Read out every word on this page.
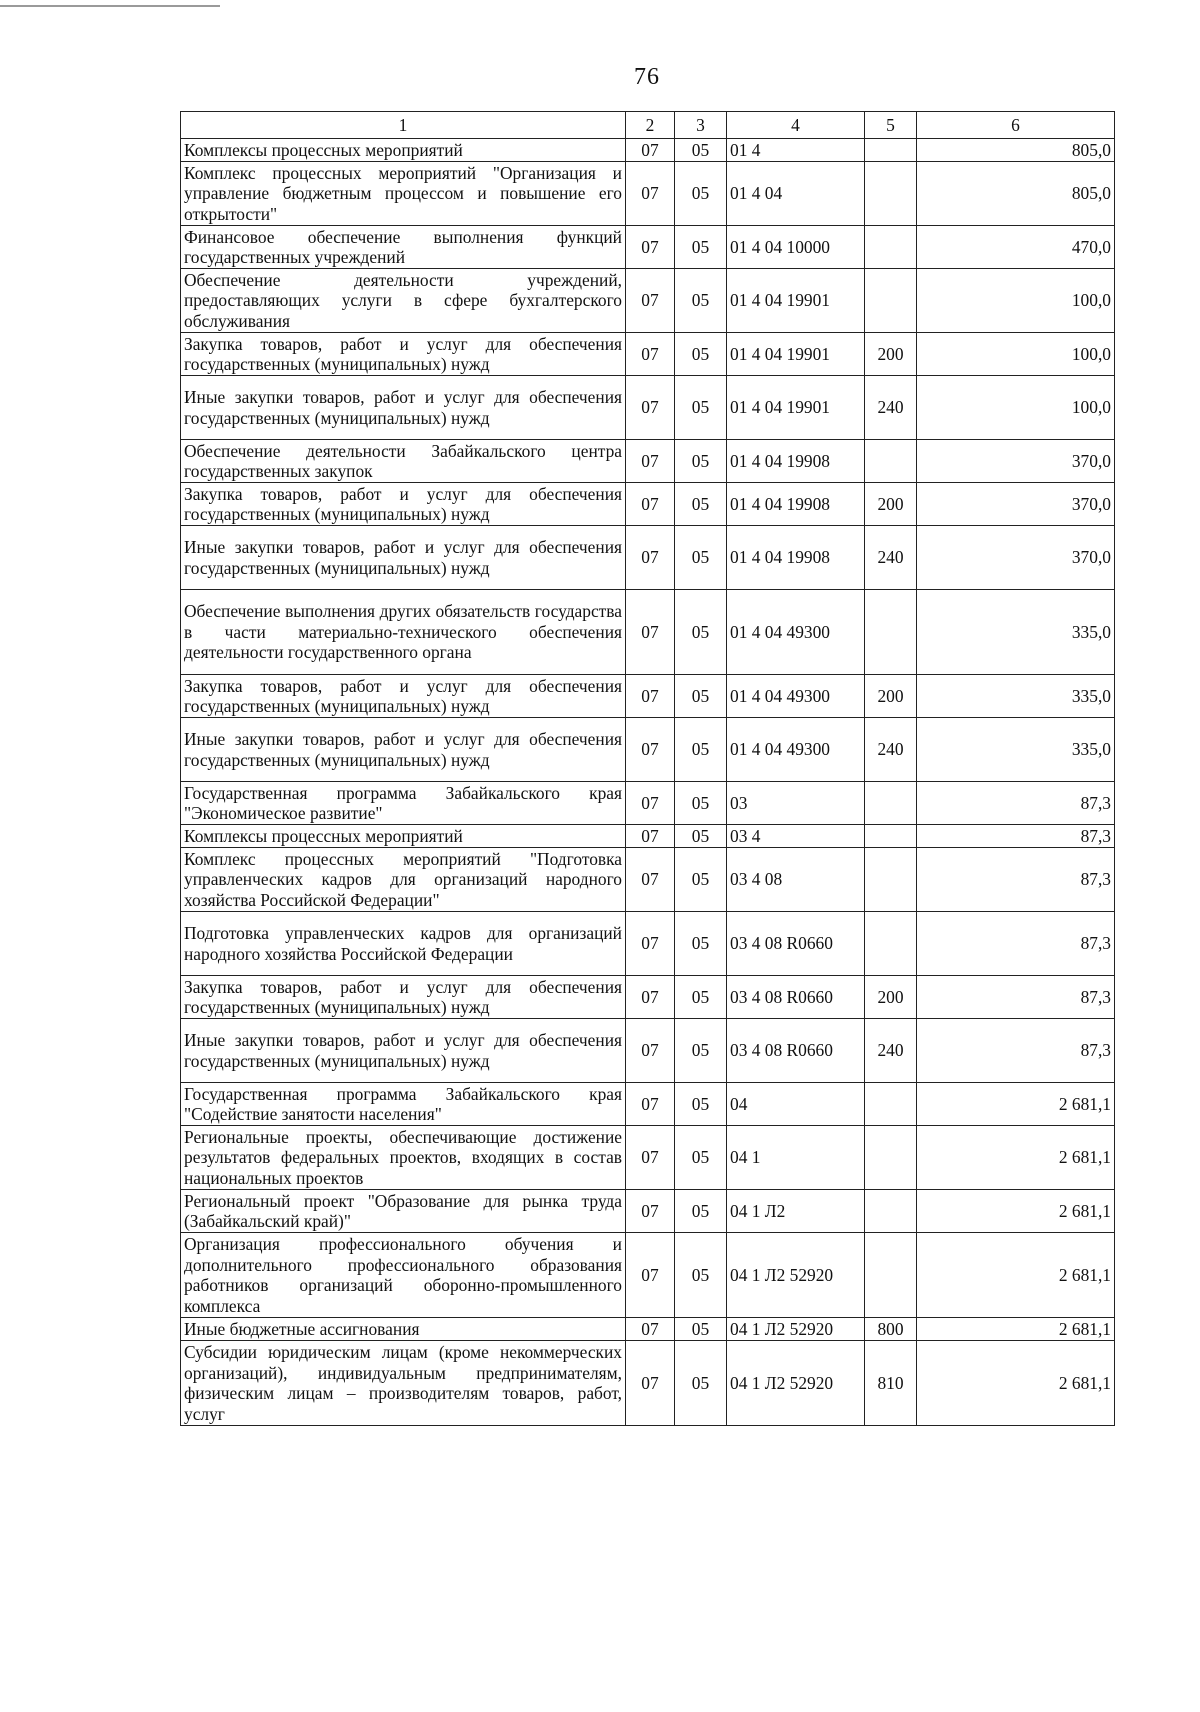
76
1	2	3	4	5	6
Комплексы процессных мероприятий	07	05	01 4		805,0
Комплекс процессных мероприятий "Организация и управление бюджетным процессом и повышение его открытости"	07	05	01 4 04		805,0
Финансовое обеспечение выполнения функций государственных учреждений	07	05	01 4 04 10000		470,0
Обеспечение деятельности учреждений, предоставляющих услуги в сфере бухгалтерского обслуживания	07	05	01 4 04 19901		100,0
Закупка товаров, работ и услуг для обеспечения государственных (муниципальных) нужд	07	05	01 4 04 19901	200	100,0
Иные закупки товаров, работ и услуг для обеспечения государственных (муниципальных) нужд	07	05	01 4 04 19901	240	100,0
Обеспечение деятельности Забайкальского центра государственных закупок	07	05	01 4 04 19908		370,0
Закупка товаров, работ и услуг для обеспечения государственных (муниципальных) нужд	07	05	01 4 04 19908	200	370,0
Иные закупки товаров, работ и услуг для обеспечения государственных (муниципальных) нужд	07	05	01 4 04 19908	240	370,0
Обеспечение выполнения других обязательств государства в части материально-технического обеспечения деятельности государственного органа	07	05	01 4 04 49300		335,0
Закупка товаров, работ и услуг для обеспечения государственных (муниципальных) нужд	07	05	01 4 04 49300	200	335,0
Иные закупки товаров, работ и услуг для обеспечения государственных (муниципальных) нужд	07	05	01 4 04 49300	240	335,0
Государственная программа Забайкальского края "Экономическое развитие"	07	05	03		87,3
Комплексы процессных мероприятий	07	05	03 4		87,3
Комплекс процессных мероприятий "Подготовка управленческих кадров для организаций народного хозяйства Российской Федерации"	07	05	03 4 08		87,3
Подготовка управленческих кадров для организаций народного хозяйства Российской Федерации	07	05	03 4 08 R0660		87,3
Закупка товаров, работ и услуг для обеспечения государственных (муниципальных) нужд	07	05	03 4 08 R0660	200	87,3
Иные закупки товаров, работ и услуг для обеспечения государственных (муниципальных) нужд	07	05	03 4 08 R0660	240	87,3
Государственная программа Забайкальского края "Содействие занятости населения"	07	05	04		2 681,1
Региональные проекты, обеспечивающие достижение результатов федеральных проектов, входящих в состав национальных проектов	07	05	04 1		2 681,1
Региональный проект "Образование для рынка труда (Забайкальский край)"	07	05	04 1 Л2		2 681,1
Организация профессионального обучения и дополнительного профессионального образования работников организаций оборонно-промышленного комплекса	07	05	04 1 Л2 52920		2 681,1
Иные бюджетные ассигнования	07	05	04 1 Л2 52920	800	2 681,1
Субсидии юридическим лицам (кроме некоммерческих организаций), индивидуальным предпринимателям, физическим лицам – производителям товаров, работ, услуг	07	05	04 1 Л2 52920	810	2 681,1
